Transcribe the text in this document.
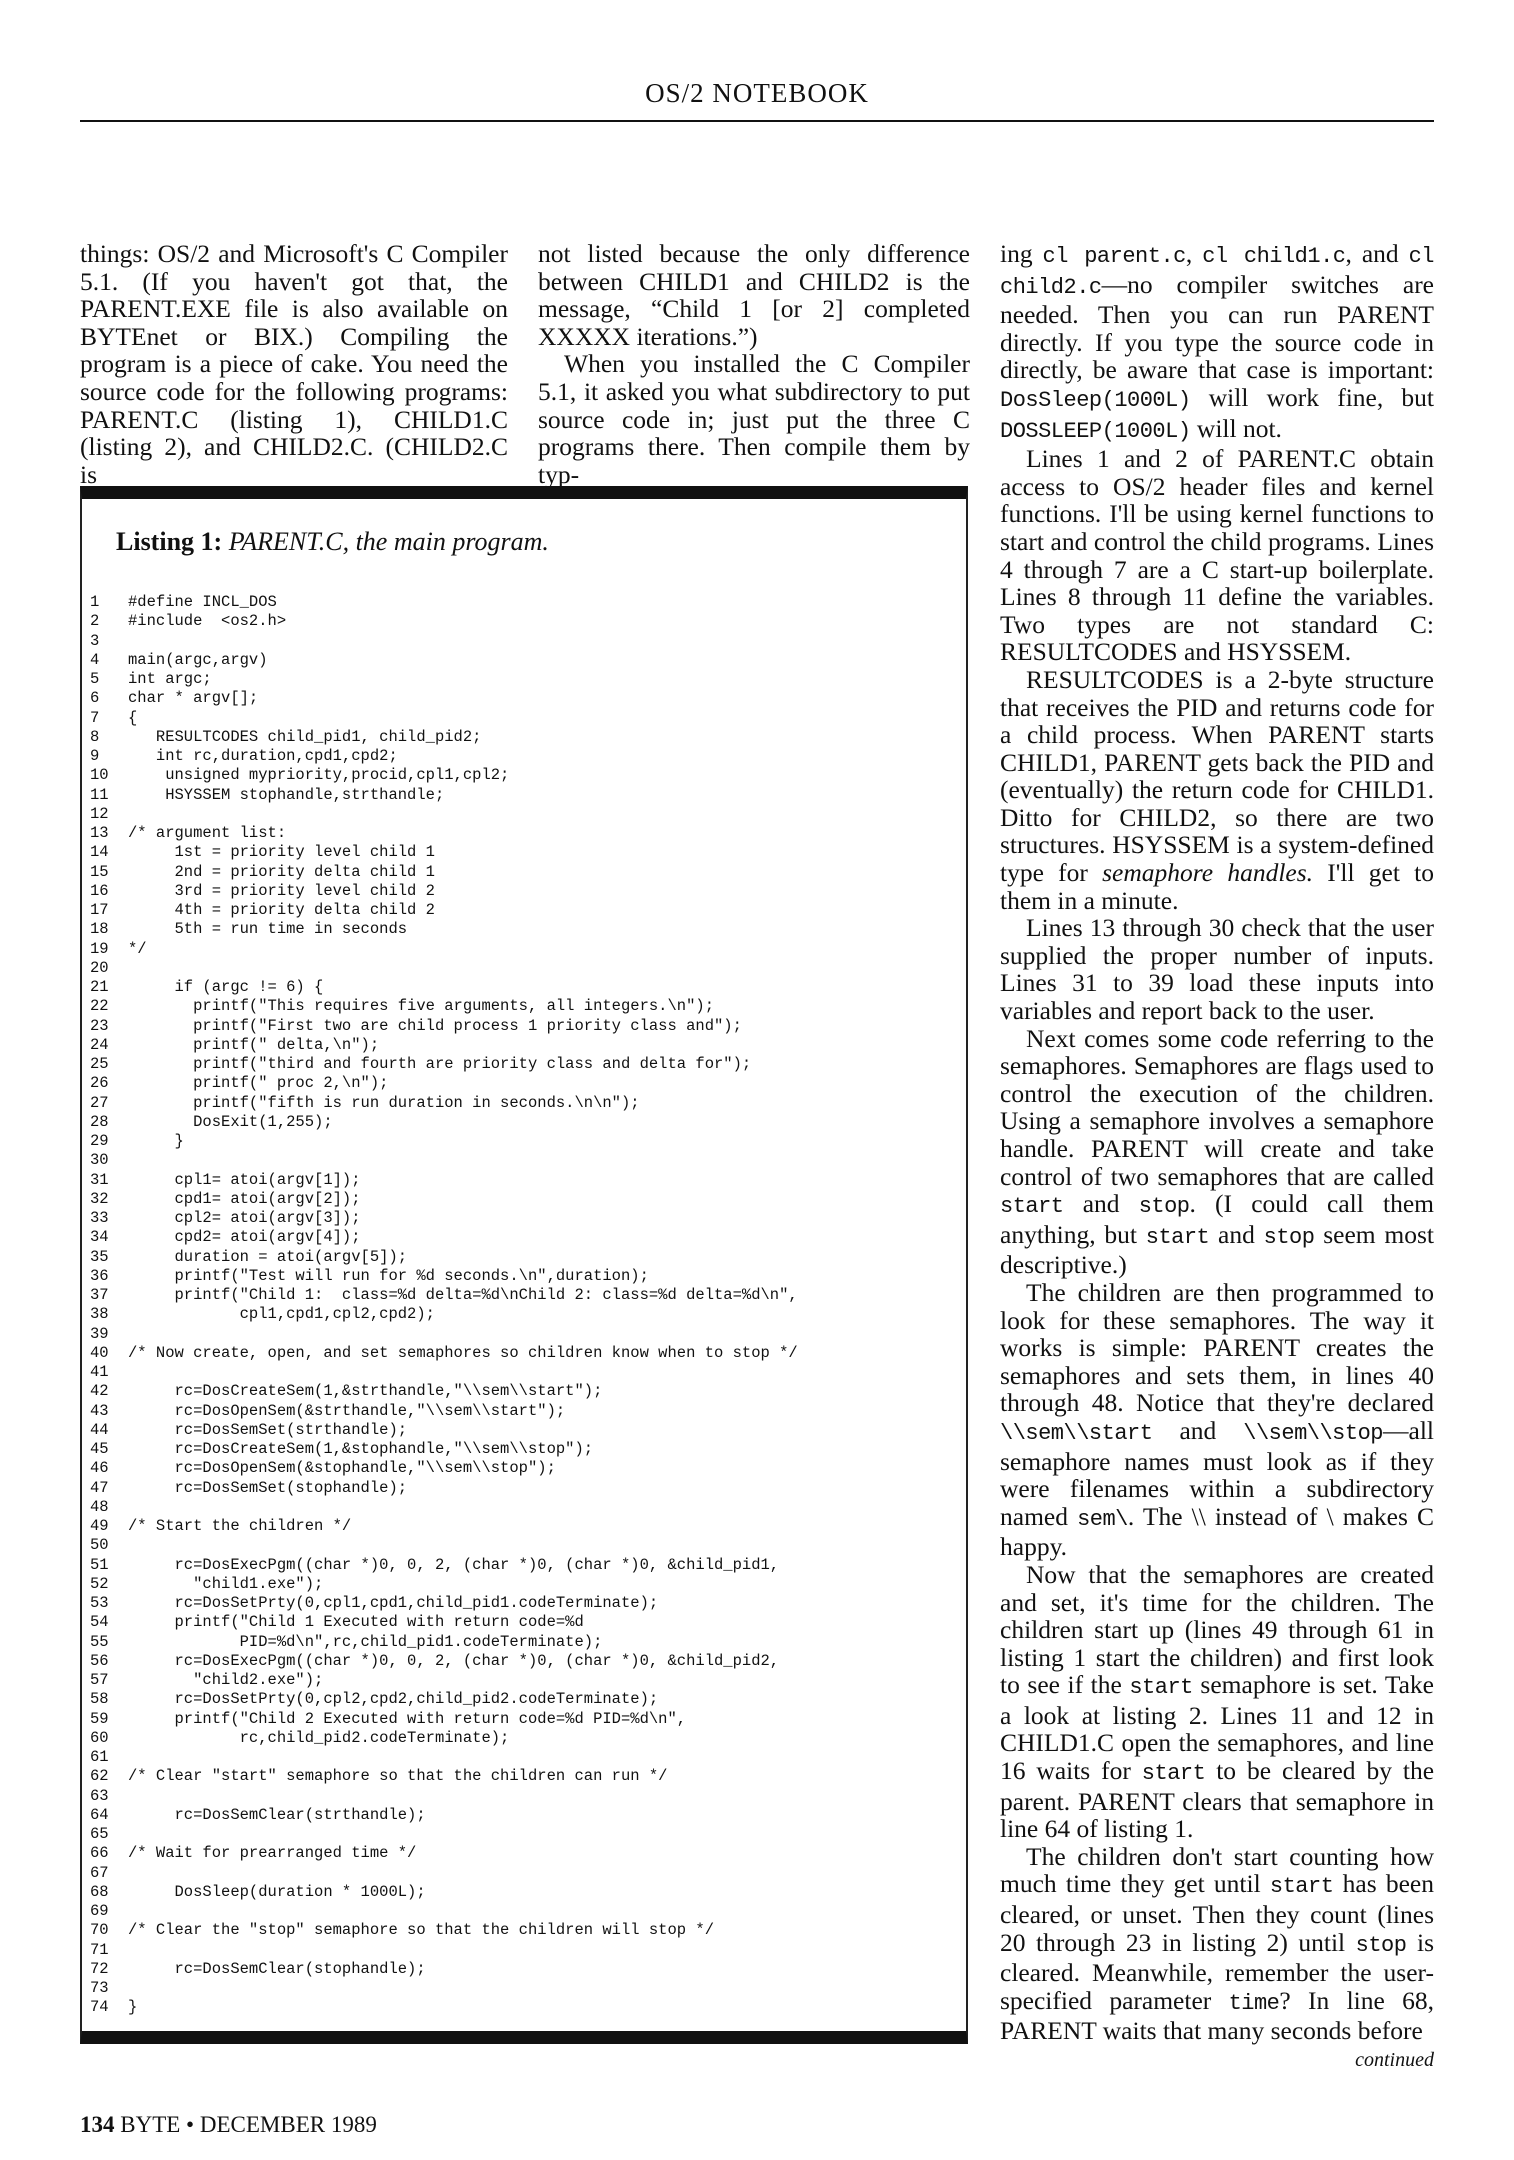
OS/2 NOTEBOOK

things: OS/2 and Microsoft's C Compiler 5.1. (If you haven't got that, the PARENT.EXE file is also available on BYTEnet or BIX.) Compiling the program is a piece of cake. You need the source code for the following programs: PARENT.C (listing 1), CHILD1.C (listing 2), and CHILD2.C. (CHILD2.C is

not listed because the only difference between CHILD1 and CHILD2 is the message, “Child 1 [or 2] completed XXXXX iterations.”)

When you installed the C Compiler 5.1, it asked you what subdirectory to put source code in; just put the three C programs there. Then compile them by typ-

ing cl parent.c, cl child1.c, and cl child2.c—no compiler switches are needed. Then you can run PARENT directly. If you type the source code in directly, be aware that case is important: DosSleep(1000L) will work fine, but DOSSLEEP(1000L) will not.

Lines 1 and 2 of PARENT.C obtain access to OS/2 header files and kernel functions. I'll be using kernel functions to start and control the child programs. Lines 4 through 7 are a C start-up boilerplate. Lines 8 through 11 define the variables. Two types are not standard C: RESULTCODES and HSYSSEM.

RESULTCODES is a 2-byte structure that receives the PID and returns code for a child process. When PARENT starts CHILD1, PARENT gets back the PID and (eventually) the return code for CHILD1. Ditto for CHILD2, so there are two structures. HSYSSEM is a system-defined type for semaphore handles. I'll get to them in a minute.

Lines 13 through 30 check that the user supplied the proper number of inputs. Lines 31 to 39 load these inputs into variables and report back to the user.

Next comes some code referring to the semaphores. Semaphores are flags used to control the execution of the children. Using a semaphore involves a semaphore handle. PARENT will create and take control of two semaphores that are called start and stop. (I could call them anything, but start and stop seem most descriptive.)

The children are then programmed to look for these semaphores. The way it works is simple: PARENT creates the semaphores and sets them, in lines 40 through 48. Notice that they're declared \\sem\\start and \\sem\\stop—all semaphore names must look as if they were filenames within a subdirectory named sem\. The \\ instead of \ makes C happy.

Now that the semaphores are created and set, it's time for the children. The children start up (lines 49 through 61 in listing 1 start the children) and first look to see if the start semaphore is set. Take a look at listing 2. Lines 11 and 12 in CHILD1.C open the semaphores, and line 16 waits for start to be cleared by the parent. PARENT clears that semaphore in line 64 of listing 1.

The children don't start counting how much time they get until start has been cleared, or unset. Then they count (lines 20 through 23 in listing 2) until stop is cleared. Meanwhile, remember the user-specified parameter time? In line 68, PARENT waits that many seconds before

continued

Listing 1: PARENT.C, the main program.
1	#define INCL_DOS
2	#include  <os2.h>
3
4	main(argc,argv)
5	int argc;
6	char * argv[];
7	{
8	RESULTCODES child_pid1, child_pid2;
9	int rc,duration,cpd1,cpd2;
10	unsigned mypriority,procid,cpl1,cpl2;
11	HSYSSEM stophandle,strthandle;
12
13	/* argument list:
14	1st = priority level child 1
15	2nd = priority delta child 1
16	3rd = priority level child 2
17	4th = priority delta child 2
18	5th = run time in seconds
19	*/
20
21	if (argc != 6) {
22	printf("This requires five arguments, all integers.\n");
23	printf("First two are child process 1 priority class and");
24	printf(" delta,\n");
25	printf("third and fourth are priority class and delta for");
26	printf(" proc 2,\n");
27	printf("fifth is run duration in seconds.\n\n");
28	DosExit(1,255);
29	}
30
31	cpl1= atoi(argv[1]);
32	cpd1= atoi(argv[2]);
33	cpl2= atoi(argv[3]);
34	cpd2= atoi(argv[4]);
35	duration = atoi(argv[5]);
36	printf("Test will run for %d seconds.\n",duration);
37	printf("Child 1:  class=%d delta=%d\nChild 2: class=%d delta=%d\n",
38	cpl1,cpd1,cpl2,cpd2);
39
40	/* Now create, open, and set semaphores so children know when to stop */
41
42	rc=DosCreateSem(1,&strthandle,"\\sem\\start");
43	rc=DosOpenSem(&strthandle,"\\sem\\start");
44	rc=DosSemSet(strthandle);
45	rc=DosCreateSem(1,&stophandle,"\\sem\\stop");
46	rc=DosOpenSem(&stophandle,"\\sem\\stop");
47	rc=DosSemSet(stophandle);
48
49	/* Start the children */
50
51	rc=DosExecPgm((char *)0, 0, 2, (char *)0, (char *)0, &child_pid1,
52	"child1.exe");
53	rc=DosSetPrty(0,cpl1,cpd1,child_pid1.codeTerminate);
54	printf("Child 1 Executed with return code=%d
55	PID=%d\n",rc,child_pid1.codeTerminate);
56	rc=DosExecPgm((char *)0, 0, 2, (char *)0, (char *)0, &child_pid2,
57	"child2.exe");
58	rc=DosSetPrty(0,cpl2,cpd2,child_pid2.codeTerminate);
59	printf("Child 2 Executed with return code=%d PID=%d\n",
60	rc,child_pid2.codeTerminate);
61
62	/* Clear "start" semaphore so that the children can run */
63
64	rc=DosSemClear(strthandle);
65
66	/* Wait for prearranged time */
67
68	DosSleep(duration * 1000L);
69
70	/* Clear the "stop" semaphore so that the children will stop */
71
72	rc=DosSemClear(stophandle);
73
74	}
134 BYTE • DECEMBER 1989
